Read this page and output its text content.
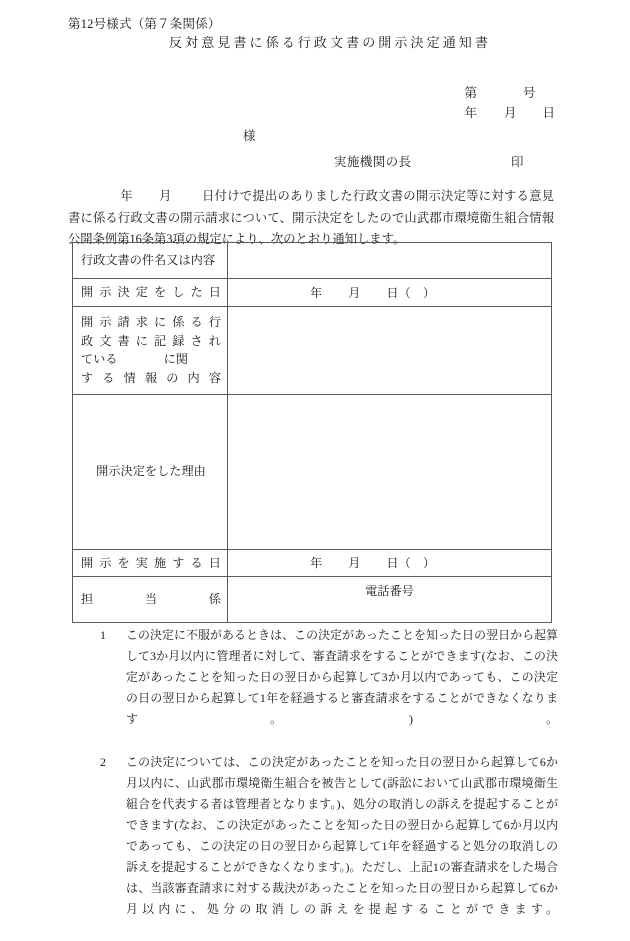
第12号様式（第７条関係）
反対意見書に係る行政文書の開示決定通知書

第	号

年 月 日

様
実施機関の長	印
年 月 日付けで提出のありました行政文書の開示決定等に対する意見書に係る行政文書の開示請求について、開示決定をしたので山武郡市環境衛生組合情報公開条例第16条第3項の規定により、次のとおり通知します。
行政文書の件名又は内容	

開示決定をした日	年 月 日（　）

開示請求に係る行
政文書に記録され
ている に関
する情報の内容	

開示決定をした理由	

開示を実施する日	年 月 日（　）

担当係	電話番号
1	この決定に不服があるときは、この決定があったことを知った日の翌日から起算して3か月以内に管理者に対して、審査請求をすることができます(なお、この決定があったことを知った日の翌日から起算して3か月以内であっても、この決定の日の翌日から起算して1年を経過すると審査請求をすることができなくなります。)。
2	この決定については、この決定があったことを知った日の翌日から起算して6か月以内に、山武郡市環境衛生組合を被告として(訴訟において山武郡市環境衛生組合を代表する者は管理者となります。)、処分の取消しの訴えを提起することができます(なお、この決定があったことを知った日の翌日から起算して6か月以内であっても、この決定の日の翌日から起算して1年を経過すると処分の取消しの訴えを提起することができなくなります。)。ただし、上記1の審査請求をした場合は、当該審査請求に対する裁決があったことを知った日の翌日から起算して6か月以内に、処分の取消しの訴えを提起することができます。
